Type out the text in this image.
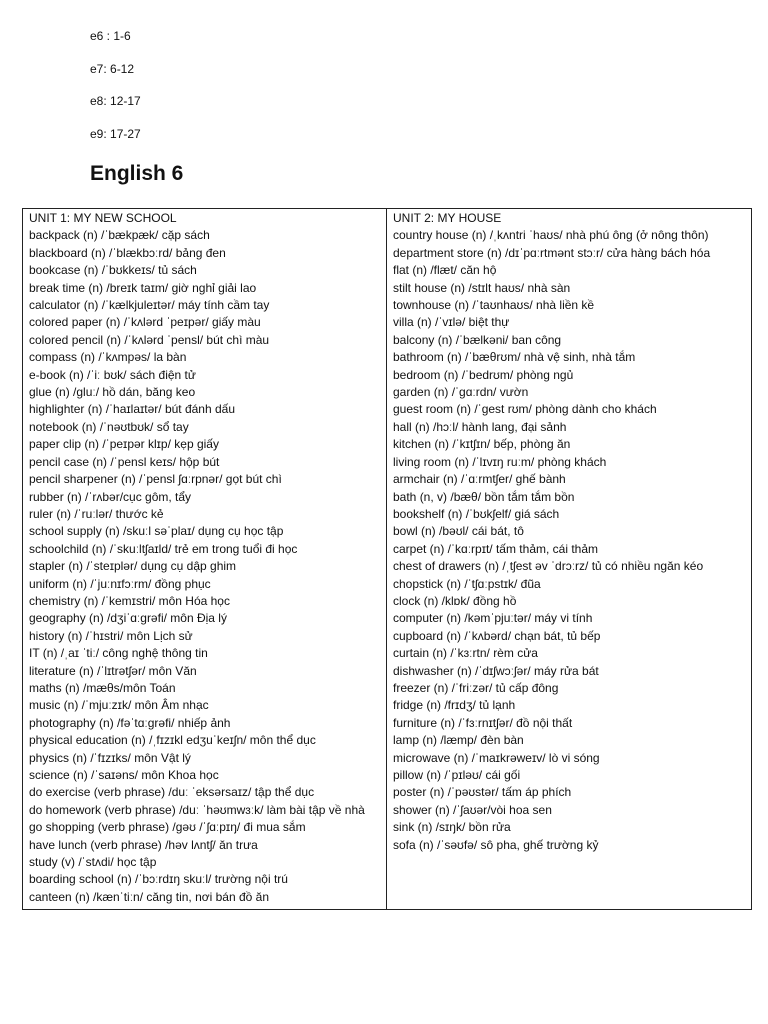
e6 : 1-6
e7: 6-12
e8: 12-17
e9: 17-27
English 6
UNIT 1: MY NEW SCHOOL
backpack (n) /ˈbækpæk/ cặp sách
blackboard (n) /ˈblækbɔːrd/ bảng đen
bookcase (n) /ˈbʊkkeɪs/ tủ sách
break time (n) /breɪk taɪm/ giờ nghỉ giải lao
calculator (n) /ˈkælkjuleɪtər/ máy tính cầm tay
colored paper (n) /ˈkʌlərd ˈpeɪpər/ giấy màu
colored pencil (n) /ˈkʌlərd ˈpensl/ bút chì màu
compass (n) /ˈkʌmpəs/ la bàn
e-book (n) /ˈiː bʊk/ sách điện tử
glue (n) /gluː/ hồ dán, băng keo
highlighter (n) /ˈhaɪlaɪtər/ bút đánh dấu
notebook (n) /ˈnəʊtbʊk/ sổ tay
paper clip (n) /ˈpeɪpər klɪp/ kẹp giấy
pencil case (n) /ˈpensl keɪs/ hộp bút
pencil sharpener (n) /ˈpensl ʃɑːrpnər/ gọt bút chì
rubber (n) /ˈrʌbər/cục gôm, tẩy
ruler (n) /ˈruːlər/ thước kẻ
school supply (n) /skuːl səˈplaɪ/ dụng cụ học tập
schoolchild (n) /ˈskuːltʃaɪld/ trẻ em trong tuổi đi học
stapler (n) /ˈsteɪplər/ dụng cụ dập ghim
uniform (n) /ˈjuːnɪfɔːrm/ đồng phục
chemistry (n) /ˈkemɪstri/ môn Hóa học
geography (n) /dʒiˈɑːɡrəfi/ môn Địa lý
history (n) /ˈhɪstri/ môn Lịch sử
IT (n) /ˌaɪ ˈtiː/ công nghệ thông tin
literature (n) /ˈlɪtrətʃər/ môn Văn
maths (n) /mæθs/môn Toán
music (n) /ˈmjuːzɪk/ môn Âm nhạc
photography (n) /fəˈtɑːɡrəfi/ nhiếp ảnh
physical education (n) /ˌfɪzɪkl edʒuˈkeɪʃn/ môn thể dục
physics (n) /ˈfɪzɪks/ môn Vật lý
science (n) /ˈsaɪəns/ môn Khoa học
do exercise (verb phrase) /duː ˈeksərsaɪz/ tập thể dục
do homework (verb phrase) /duː ˈhəʊmwɜːk/ làm bài tập về nhà
go shopping (verb phrase) /ɡəʊ /ˈʃɑːpɪŋ/ đi mua sắm
have lunch (verb phrase) /həv lʌntʃ/ ăn trưa
study (v) /ˈstʌdi/ học tập
boarding school (n) /ˈbɔːrdɪŋ skuːl/ trường nội trú
canteen (n) /kænˈtiːn/ căng tin, nơi bán đồ ăn

UNIT 2: MY HOUSE
country house (n) /ˌkʌntri ˈhaʊs/ nhà phú ông (ở nông thôn)
department store (n) /dɪˈpɑːrtmənt stɔːr/ cửa hàng bách hóa
flat (n) /flæt/ căn hộ
stilt house (n) /stɪlt haʊs/ nhà sàn
townhouse (n) /ˈtaʊnhaʊs/ nhà liền kề
villa (n) /ˈvɪlə/ biệt thự
balcony (n) /ˈbælkəni/ ban công
bathroom (n) /ˈbæθrʊm/ nhà vệ sinh, nhà tắm
bedroom (n) /ˈbedrʊm/ phòng ngủ
garden (n) /ˈɡɑːrdn/ vườn
guest room (n) /ˈɡest rʊm/ phòng dành cho khách
hall (n) /hɔːl/ hành lang, đại sảnh
kitchen (n) /ˈkɪtʃɪn/ bếp, phòng ăn
living room (n) /ˈlɪvɪŋ ruːm/ phòng khách
armchair (n) /ˈɑːrmtʃer/ ghế bành
bath (n, v) /bæθ/ bồn tắm tắm bồn
bookshelf (n) /ˈbʊkʃelf/ giá sách
bowl (n) /bəʊl/ cái bát, tô
carpet (n) /ˈkɑːrpɪt/ tấm thảm, cái thảm
chest of drawers (n) /ˌtʃest əv ˈdrɔːrz/ tủ có nhiều ngăn kéo
chopstick (n) /ˈtʃɑːpstɪk/ đũa
clock (n) /klɒk/ đồng hồ
computer (n) /kəmˈpjuːtər/ máy vi tính
cupboard (n) /ˈkʌbərd/ chạn bát, tủ bếp
curtain (n) /ˈkɜːrtn/ rèm cửa
dishwasher (n) /ˈdɪʃwɔːʃər/ máy rửa bát
freezer (n) /ˈfriːzər/ tủ cấp đông
fridge (n) /frɪdʒ/ tủ lạnh
furniture (n) /ˈfɜːrnɪtʃər/ đồ nội thất
lamp (n) /læmp/ đèn bàn
microwave (n) /ˈmaɪkrəweɪv/ lò vi sóng
pillow (n) /ˈpɪləʊ/ cái gối
poster (n) /ˈpəʊstər/ tấm áp phích
shower (n) /ˈʃaʊər/vòi hoa sen
sink (n) /sɪŋk/ bồn rửa
sofa (n) /ˈsəʊfə/ sô pha, ghế trường kỷ
